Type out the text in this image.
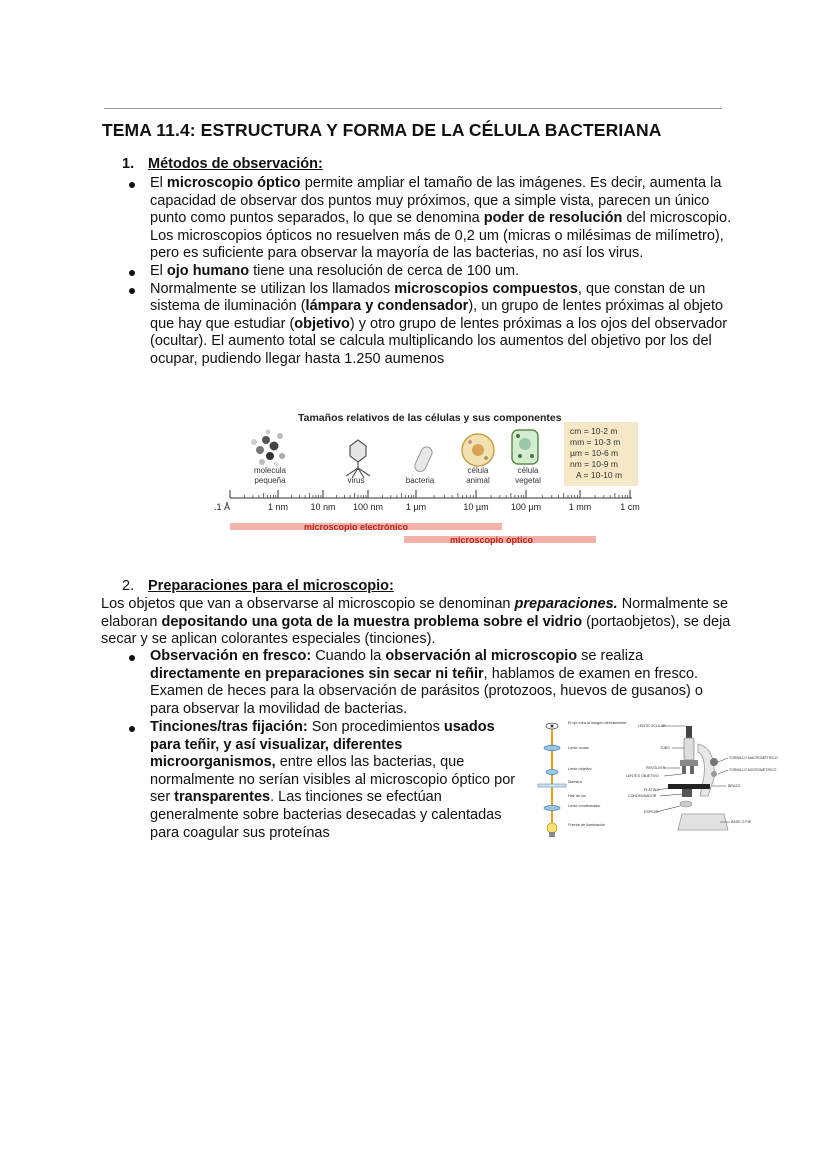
TEMA 11.4: ESTRUCTURA Y FORMA DE LA CÉLULA BACTERIANA
1. Métodos de observación:
El microscopio óptico permite ampliar el tamaño de las imágenes. Es decir, aumenta la capacidad de observar dos puntos muy próximos, que a simple vista, parecen un único punto como puntos separados, lo que se denomina poder de resolución del microscopio. Los microscopios ópticos no resuelven más de 0,2 um (micras o milésimas de milímetro), pero es suficiente para observar la mayoría de las bacterias, no así los virus.
El ojo humano tiene una resolución de cerca de 100 um.
Normalmente se utilizan los llamados microscopios compuestos, que constan de un sistema de iluminación (lámpara y condensador), un grupo de lentes próximas al objeto que hay que estudiar (objetivo) y otro grupo de lentes próximas a los ojos del observador (ocultar). El aumento total se calcula multiplicando los aumentos del objetivo por los del ocupar, pudiendo llegar hasta 1.250 aumenos
Tamaños relativos de las células y sus componentes
molecula
pequeña	virus	bacteria
célula
animal
célula
vegetal
cm = 10-2 m
mm = 10-3 m
µm = 10-6 m
nm = 10-9 m
A = 10-10 m
.1 Å	1 nm 10 nm 100 nm	1 µm	10 µm 100 µm	1 mm	1 cm
microscopio electrónico
microscopio óptico
2. Preparaciones para el microscopio:

Los objetos que van a observarse al microscopio se denominan preparaciones. Normalmente se elaboran depositando una gota de la muestra problema sobre el vidrio (portaobjetos), se deja secar y se aplican colorantes especiales (tinciones).

Observación en fresco: Cuando la observación al microscopio se realiza directamente en preparaciones sin secar ni teñir, hablamos de examen en fresco. Examen de heces para la observación de parásitos (protozoos, huevos de gusanos) o para observar la movilidad de bacterias.
Tinciones/tras fijación: Son procedimientos usados para teñir, y así visualizar, diferentes microorganismos, entre ellos las bacterias, que normalmente no serían visibles al microscopio óptico por ser transparentes. Las tinciones se efectúan generalmente sobre bacterias desecadas y calentadas para coagular sus proteínas
El ojo mira la imagen directamente
Lente ocular
Lente objetivo
Muestra
Haz de luz
Lente condensador
Fuente de iluminación
LENTE OCULAR
TUBO
TORNILLO MACROMÉTRICO
REVÓLVER	TORNILLO MICROMÉTRICO
LENTES OBJETIVO
BRAZO
PLATINA
CONDENSADOR
ESPEJO
BASE O PIE
